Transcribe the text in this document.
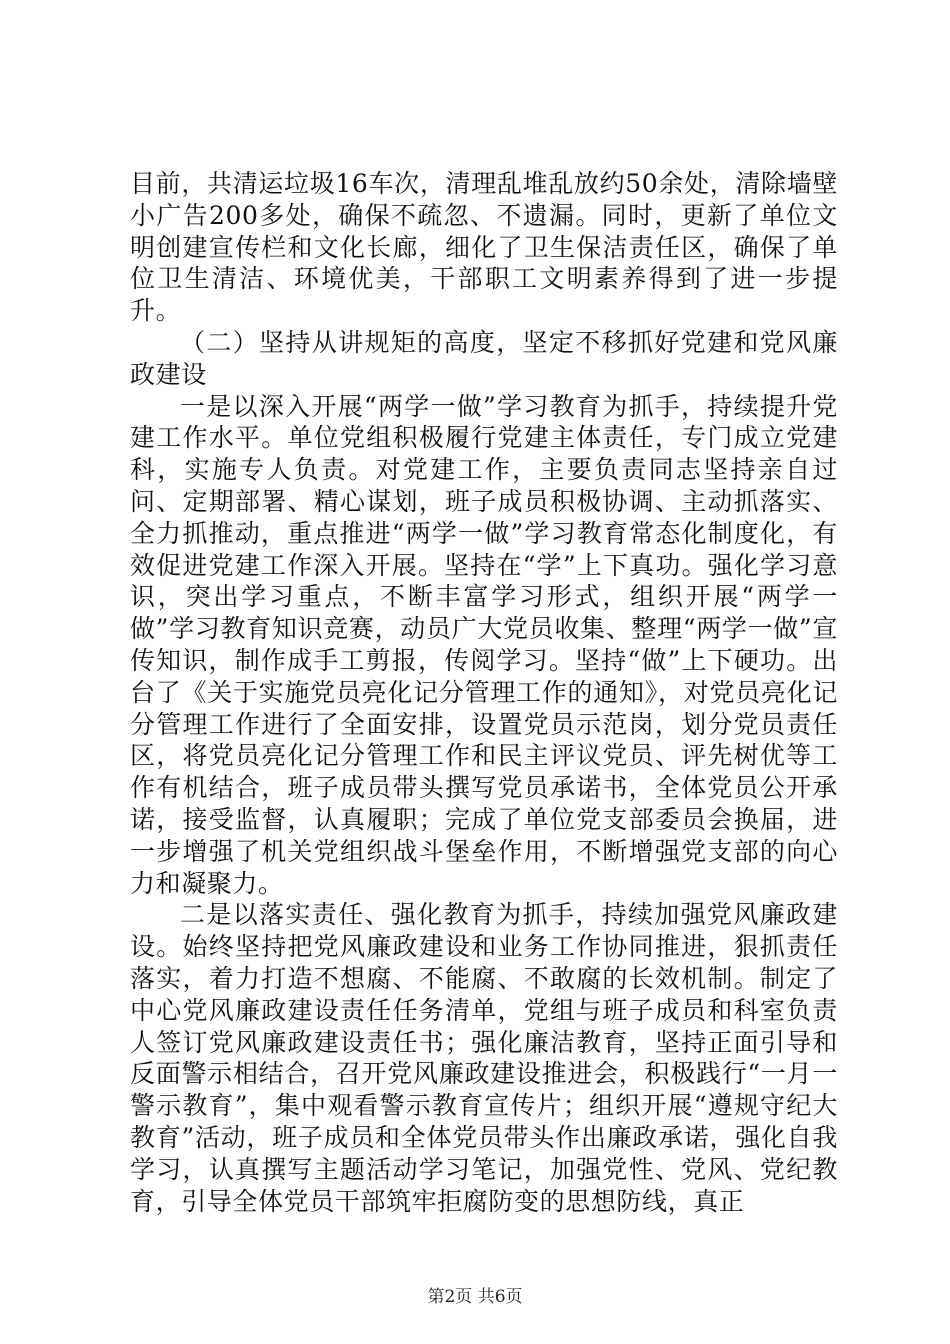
目前，共清运垃圾16车次，清理乱堆乱放约50余处，清除墙壁小广告200多处，确保不疏忽、不遗漏。同时，更新了单位文明创建宣传栏和文化长廊，细化了卫生保洁责任区，确保了单位卫生清洁、环境优美，干部职工文明素养得到了进一步提升。

（二）坚持从讲规矩的高度，坚定不移抓好党建和党风廉政建设

一是以深入开展“两学一做”学习教育为抓手，持续提升党建工作水平。单位党组积极履行党建主体责任，专门成立党建科，实施专人负责。对党建工作，主要负责同志坚持亲自过问、定期部署、精心谋划，班子成员积极协调、主动抓落实、全力抓推动，重点推进“两学一做”学习教育常态化制度化，有效促进党建工作深入开展。坚持在“学”上下真功。强化学习意识，突出学习重点，不断丰富学习形式，组织开展“两学一做”学习教育知识竞赛，动员广大党员收集、整理“两学一做”宣传知识，制作成手工剪报，传阅学习。坚持“做”上下硬功。出台了《关于实施党员亮化记分管理工作的通知》，对党员亮化记分管理工作进行了全面安排，设置党员示范岗，划分党员责任区，将党员亮化记分管理工作和民主评议党员、评先树优等工作有机结合，班子成员带头撰写党员承诺书，全体党员公开承诺，接受监督，认真履职；完成了单位党支部委员会换届，进一步增强了机关党组织战斗堡垒作用，不断增强党支部的向心力和凝聚力。

二是以落实责任、强化教育为抓手，持续加强党风廉政建设。始终坚持把党风廉政建设和业务工作协同推进，狠抓责任落实，着力打造不想腐、不能腐、不敢腐的长效机制。制定了中心党风廉政建设责任任务清单，党组与班子成员和科室负责人签订党风廉政建设责任书；强化廉洁教育，坚持正面引导和反面警示相结合，召开党风廉政建设推进会，积极践行“一月一警示教育”，集中观看警示教育宣传片；组织开展“遵规守纪大教育”活动，班子成员和全体党员带头作出廉政承诺，强化自我学习，认真撰写主题活动学习笔记，加强党性、党风、党纪教育，引导全体党员干部筑牢拒腐防变的思想防线，真正

第2页 共6页
